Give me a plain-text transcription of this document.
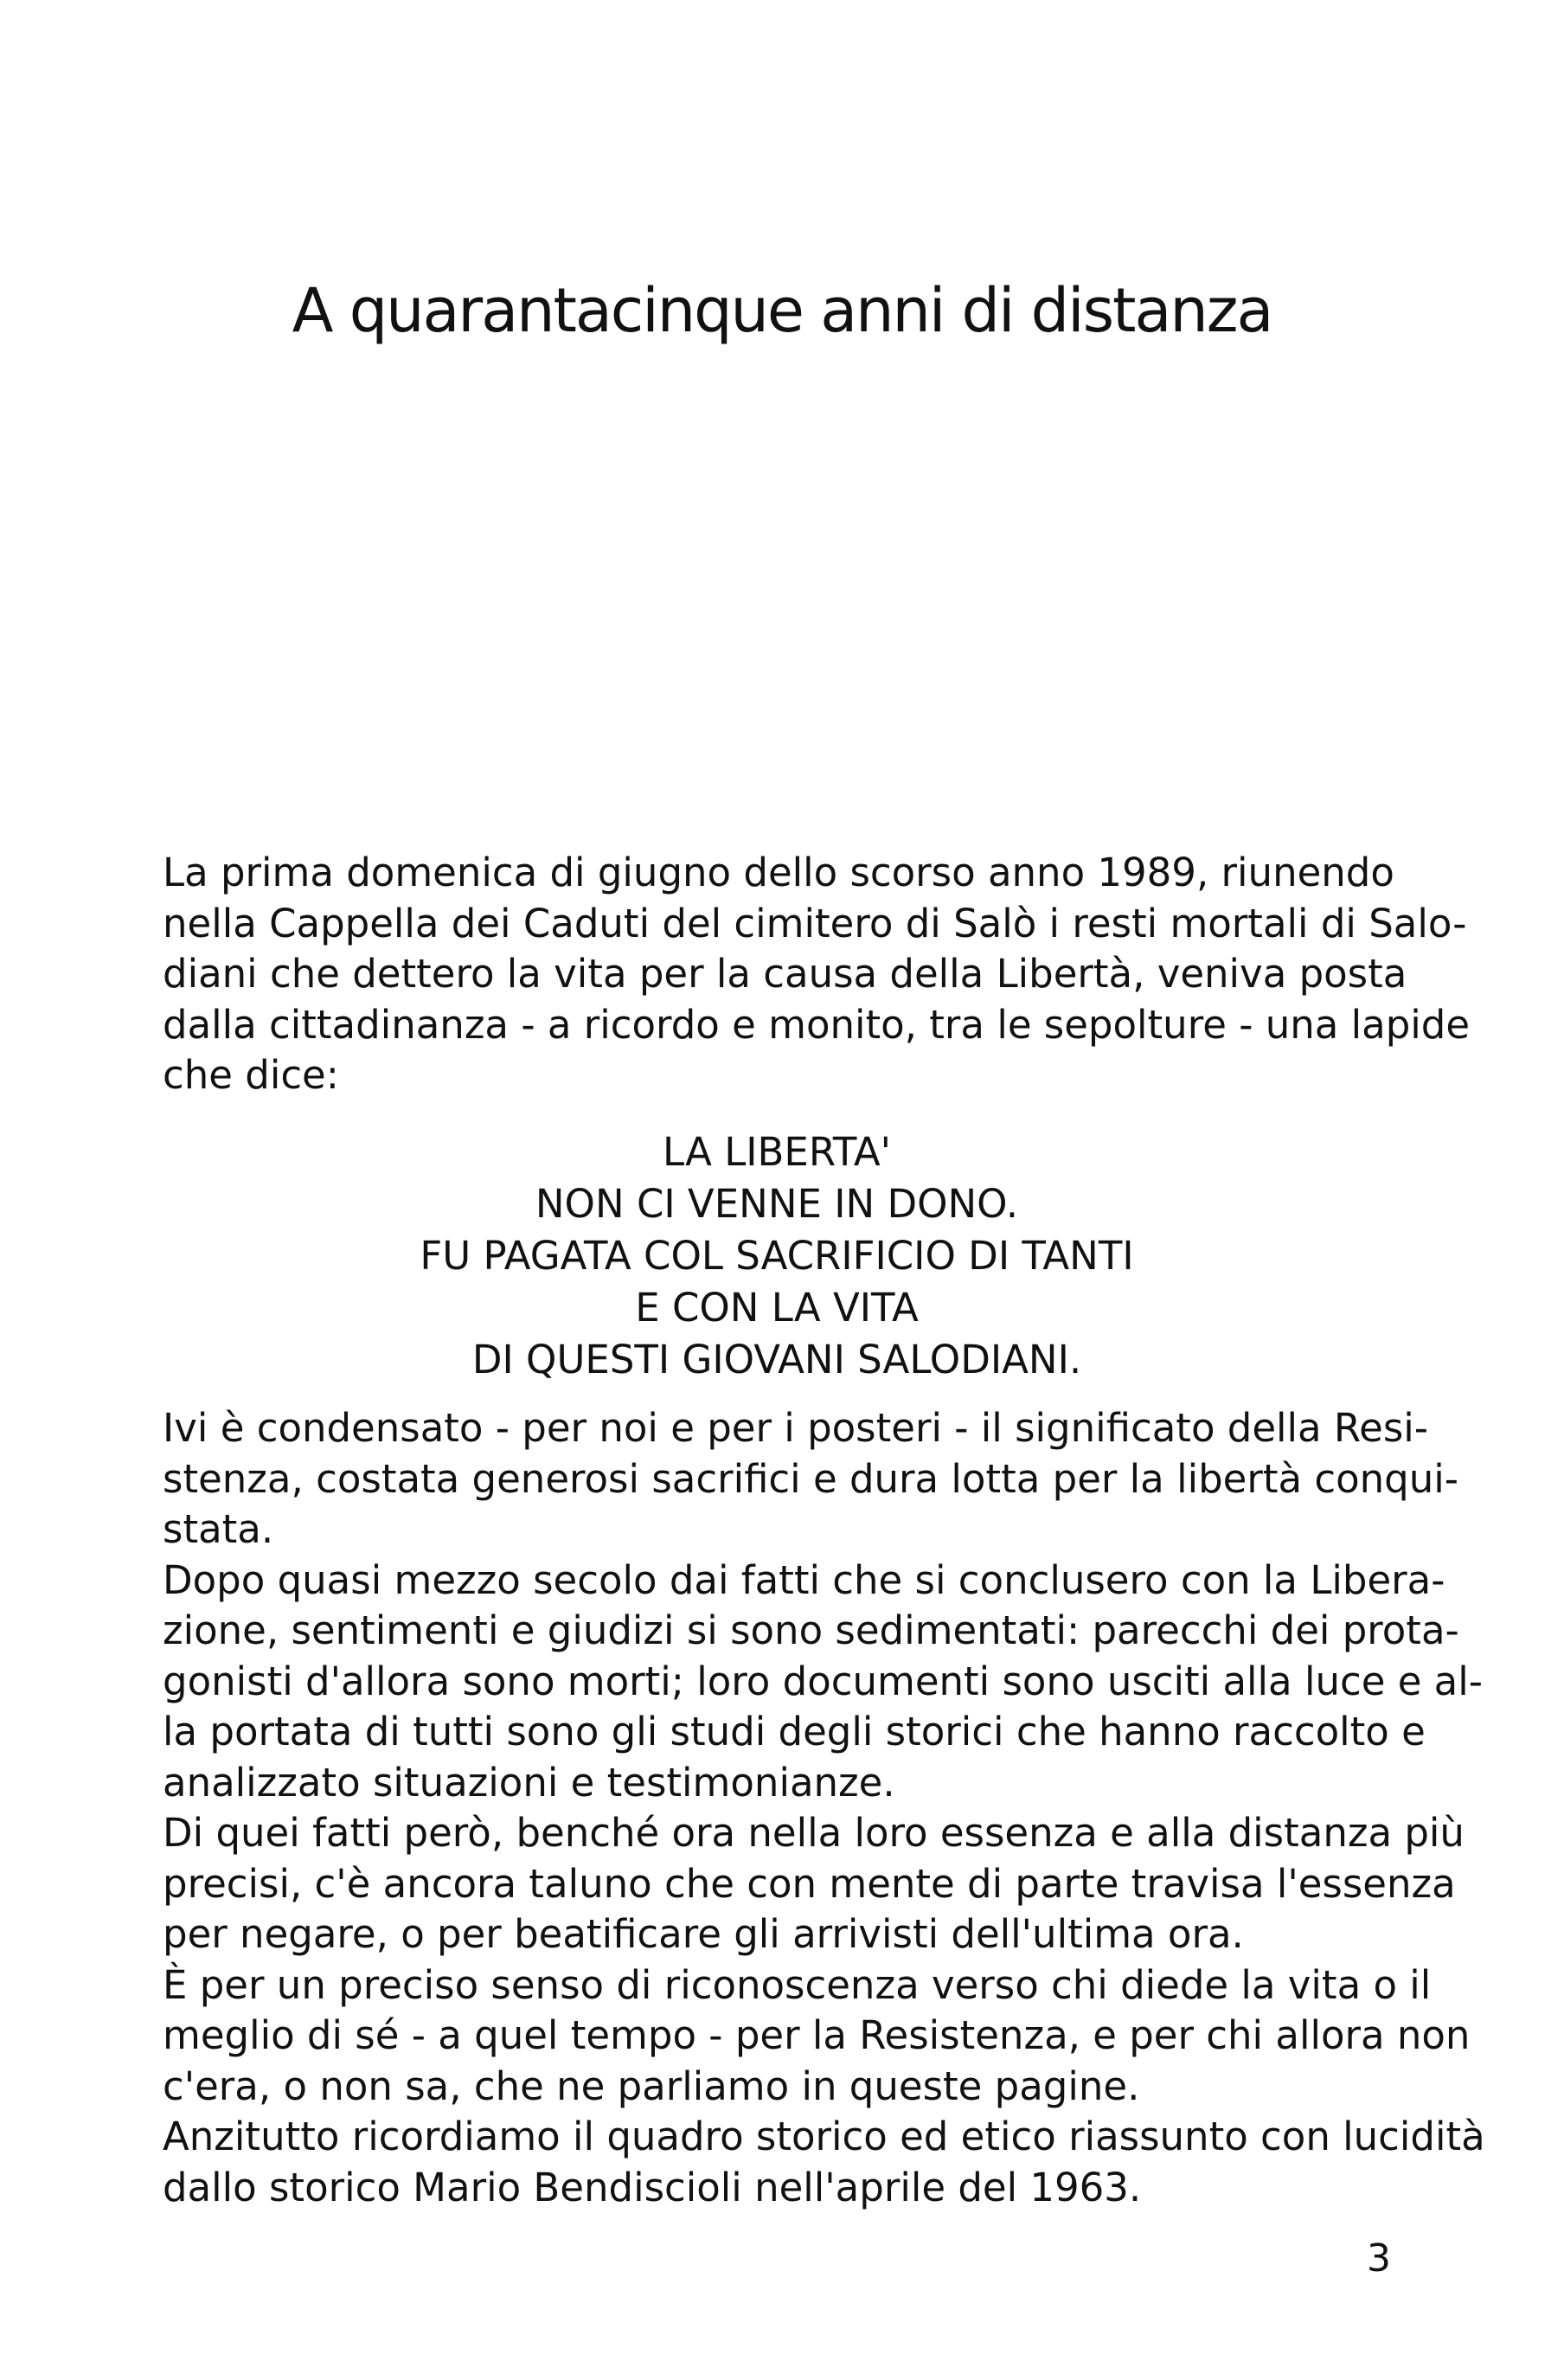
A quarantacinque anni di distanza
La prima domenica di giugno dello scorso anno 1989, riunendo
nella Cappella dei Caduti del cimitero di Salò i resti mortali di Salo-
diani che dettero la vita per la causa della Libertà, veniva posta
dalla cittadinanza - a ricordo e monito, tra le sepolture - una lapide
che dice:
LA LIBERTA'
NON CI VENNE IN DONO.
FU PAGATA COL SACRIFICIO DI TANTI
E CON LA VITA
DI QUESTI GIOVANI SALODIANI.
Ivi è condensato - per noi e per i posteri - il significato della Resi-
stenza, costata generosi sacrifici e dura lotta per la libertà conqui-
stata.
Dopo quasi mezzo secolo dai fatti che si conclusero con la Libera-
zione, sentimenti e giudizi si sono sedimentati: parecchi dei prota-
gonisti d'allora sono morti; loro documenti sono usciti alla luce e al-
la portata di tutti sono gli studi degli storici che hanno raccolto e
analizzato situazioni e testimonianze.
Di quei fatti però, benché ora nella loro essenza e alla distanza più
precisi, c'è ancora taluno che con mente di parte travisa l'essenza
per negare, o per beatificare gli arrivisti dell'ultima ora.
È per un preciso senso di riconoscenza verso chi diede la vita o il
meglio di sé - a quel tempo - per la Resistenza, e per chi allora non
c'era, o non sa, che ne parliamo in queste pagine.
Anzitutto ricordiamo il quadro storico ed etico riassunto con lucidità
dallo storico Mario Bendiscioli nell'aprile del 1963.
3
